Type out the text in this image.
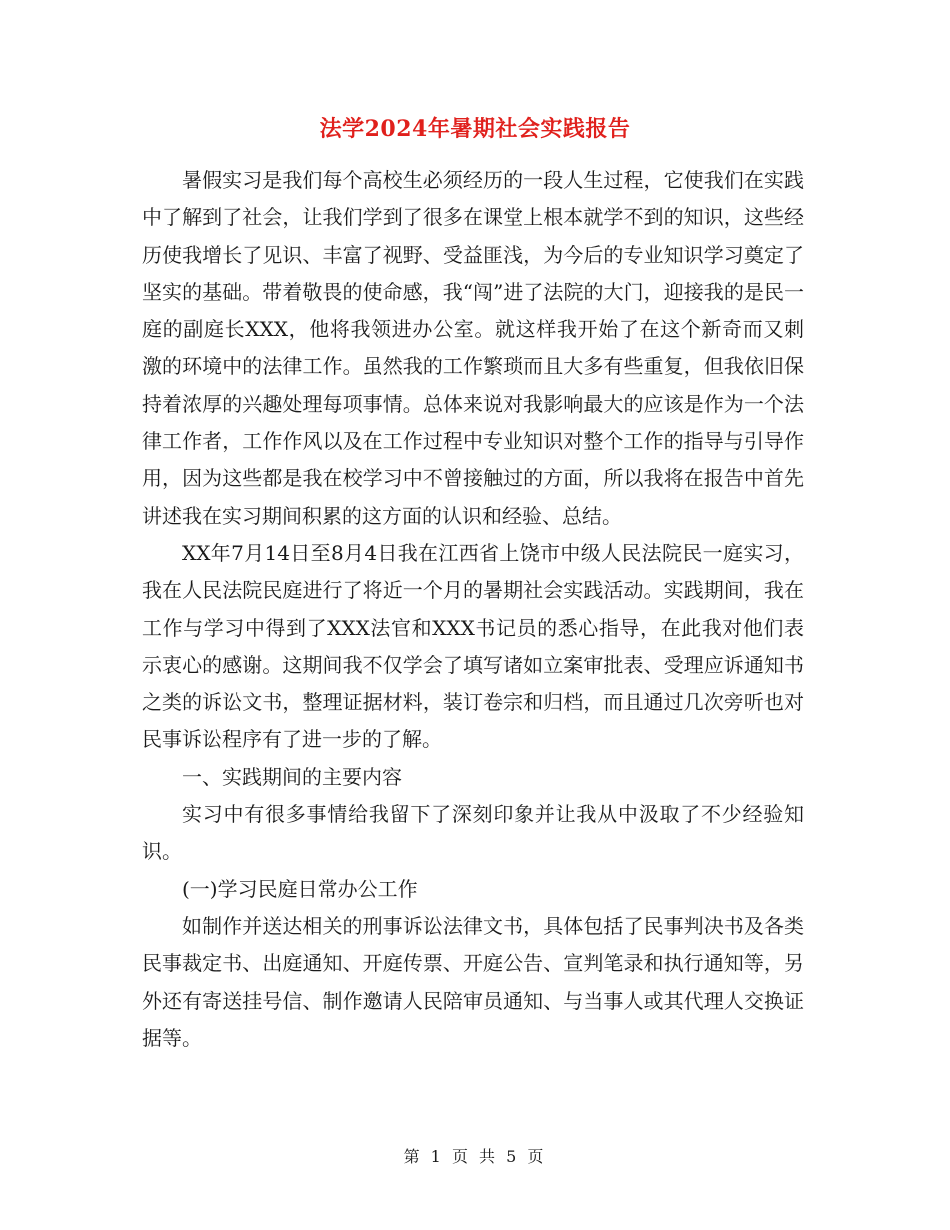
法学2024年暑期社会实践报告

暑假实习是我们每个高校生必须经历的一段人生过程，它使我们在实践中了解到了社会，让我们学到了很多在课堂上根本就学不到的知识，这些经历使我增长了见识、丰富了视野、受益匪浅，为今后的专业知识学习奠定了坚实的基础。带着敬畏的使命感，我“闯”进了法院的大门，迎接我的是民一庭的副庭长XXX，他将我领进办公室。就这样我开始了在这个新奇而又刺激的环境中的法律工作。虽然我的工作繁琐而且大多有些重复，但我依旧保持着浓厚的兴趣处理每项事情。总体来说对我影响最大的应该是作为一个法律工作者，工作作风以及在工作过程中专业知识对整个工作的指导与引导作用，因为这些都是我在校学习中不曾接触过的方面，所以我将在报告中首先讲述我在实习期间积累的这方面的认识和经验、总结。

XX年7月14日至8月4日我在江西省上饶市中级人民法院民一庭实习，我在人民法院民庭进行了将近一个月的暑期社会实践活动。实践期间，我在工作与学习中得到了XXX法官和XXX书记员的悉心指导，在此我对他们表示衷心的感谢。这期间我不仅学会了填写诸如立案审批表、受理应诉通知书之类的诉讼文书，整理证据材料，装订卷宗和归档，而且通过几次旁听也对民事诉讼程序有了进一步的了解。

一、实践期间的主要内容

实习中有很多事情给我留下了深刻印象并让我从中汲取了不少经验知识。

(一)学习民庭日常办公工作

如制作并送达相关的刑事诉讼法律文书，具体包括了民事判决书及各类民事裁定书、出庭通知、开庭传票、开庭公告、宣判笔录和执行通知等，另外还有寄送挂号信、制作邀请人民陪审员通知、与当事人或其代理人交换证据等。

第 1 页 共 5 页
